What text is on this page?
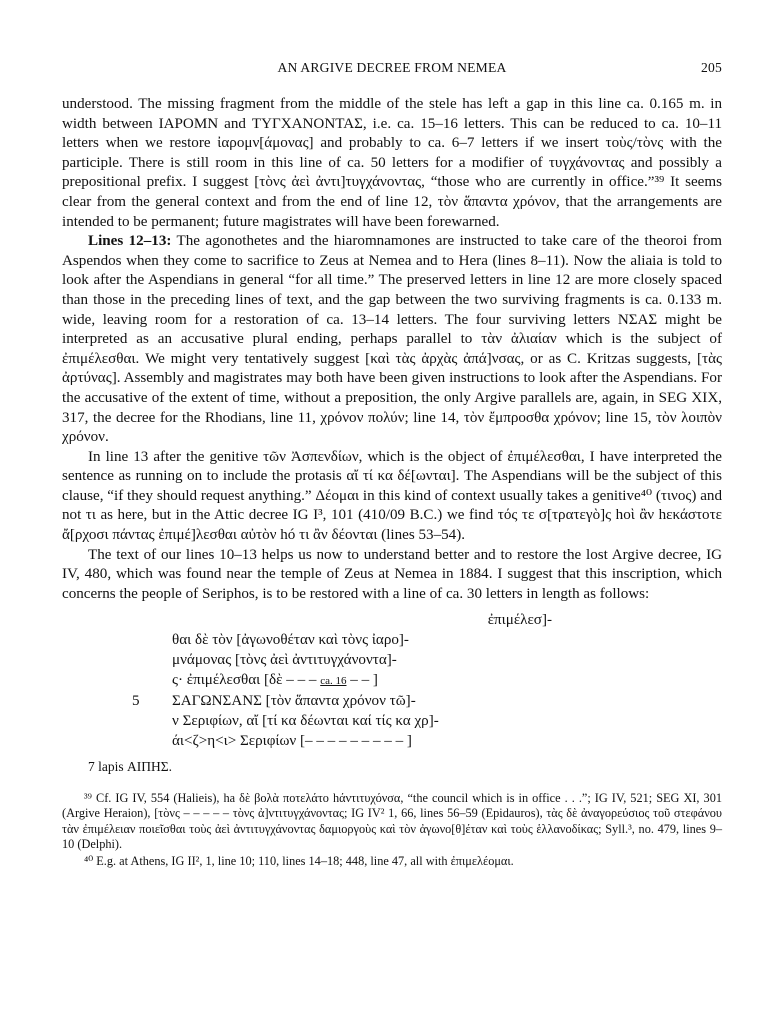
AN ARGIVE DECREE FROM NEMEA	205

understood. The missing fragment from the middle of the stele has left a gap in this line ca. 0.165 m. in width between ΙΑΡΟΜΝ and ΤΥΓΧΑΝΟΝΤΑΣ, i.e. ca. 15–16 letters. This can be reduced to ca. 10–11 letters when we restore ἰαρομν[άμονας] and probably to ca. 6–7 letters if we insert τοὺς/τὸνς with the participle. There is still room in this line of ca. 50 letters for a modifier of τυγχάνοντας and possibly a prepositional prefix. I suggest [τὸνς ἀεὶ ἀντι]τυγχάνοντας, “those who are currently in office.”³⁹ It seems clear from the general context and from the end of line 12, τὸν ἅπαντα χρόνον, that the arrangements are intended to be permanent; future magistrates will have been forewarned.

Lines 12–13: The agonothetes and the hiaromnamones are instructed to take care of the theoroi from Aspendos when they come to sacrifice to Zeus at Nemea and to Hera (lines 8–11). Now the aliaia is told to look after the Aspendians in general “for all time.” The preserved letters in line 12 are more closely spaced than those in the preceding lines of text, and the gap between the two surviving fragments is ca. 0.133 m. wide, leaving room for a restoration of ca. 13–14 letters. The four surviving letters ΝΣΑΣ might be interpreted as an accusative plural ending, perhaps parallel to τὰν ἀλιαίαν which is the subject of ἐπιμέλεσθαι. We might very tentatively suggest [καὶ τὰς ἀρχὰς ἀπά]νσας, or as C. Kritzas suggests, [τὰς ἀρτύνας]. Assembly and magistrates may both have been given instructions to look after the Aspendians. For the accusative of the extent of time, without a preposition, the only Argive parallels are, again, in SEG XIX, 317, the decree for the Rhodians, line 11, χρόνον πολύν; line 14, τὸν ἔμπροσθα χρόνον; line 15, τὸν λοιπὸν χρόνον.

In line 13 after the genitive τῶν Ἀσπενδίων, which is the object of ἐπιμέλεσθαι, I have interpreted the sentence as running on to include the protasis αἴ τί κα δέ[ωνται]. The Aspendians will be the subject of this clause, “if they should request anything.” Δέομαι in this kind of context usually takes a genitive⁴⁰ (τινος) and not τι as here, but in the Attic decree IG I³, 101 (410/09 B.C.) we find τός τε σ[τρατεγὸ]ς hoὶ ἂν hεκάστοτε ἄ[ρχοσι πάντας ἐπιμέ]λεσθαι αὐτὸν hó τι ἂν δέονται (lines 53–54).

The text of our lines 10–13 helps us now to understand better and to restore the lost Argive decree, IG IV, 480, which was found near the temple of Zeus at Nemea in 1884. I suggest that this inscription, which concerns the people of Seriphos, is to be restored with a line of ca. 30 letters in length as follows:

ἐπιμέλεσ]-
θαι δὲ τὸν [ἀγωνοθέταν καὶ τὸνς ἰαρο]-
μνάμονας [τὸνς ἀεὶ ἀντιτυγχάνοντα]-
ς· ἐπιμέλεσθαι [δὲ – – – ca. 16 – – ]
5 ΣΑΓΩΝΣΑΝΣ [τὸν ἅπαντα χρόνον τῶ]-
ν Σεριφίων, αἴ [τί κα δέωνται καί τίς κα χρ]-
άι<ζ>η<ι> Σεριφίων [– – – – – – – – – ]
7 lapis ΑΙΠΗΣ.

³⁹ Cf. IG IV, 554 (Halieis), ha δὲ βολὰ ποτελάτο hάντιτυχόνσα, “the council which is in office . . .”; IG IV, 521; SEG XI, 301 (Argive Heraion), [τὸνς – – – – – τὸνς ἀ]ντιτυγχάνοντας; IG IV² 1, 66, lines 56–59 (Epidauros), τὰς δὲ ἀναγορεύσιος τοῦ στεφάνου τὰν ἐπιμέλειαν ποιεῖσθαι τοὺς ἀεὶ ἀντιτυγχάνοντας δαμιοργοὺς καὶ τὸν ἀγωνο[θ]έταν καὶ τοὺς ἑλλανοδίκας; Syll.³, no. 479, lines 9–10 (Delphi).

⁴⁰ E.g. at Athens, IG II², 1, line 10; 110, lines 14–18; 448, line 47, all with ἐπιμελέομαι.
